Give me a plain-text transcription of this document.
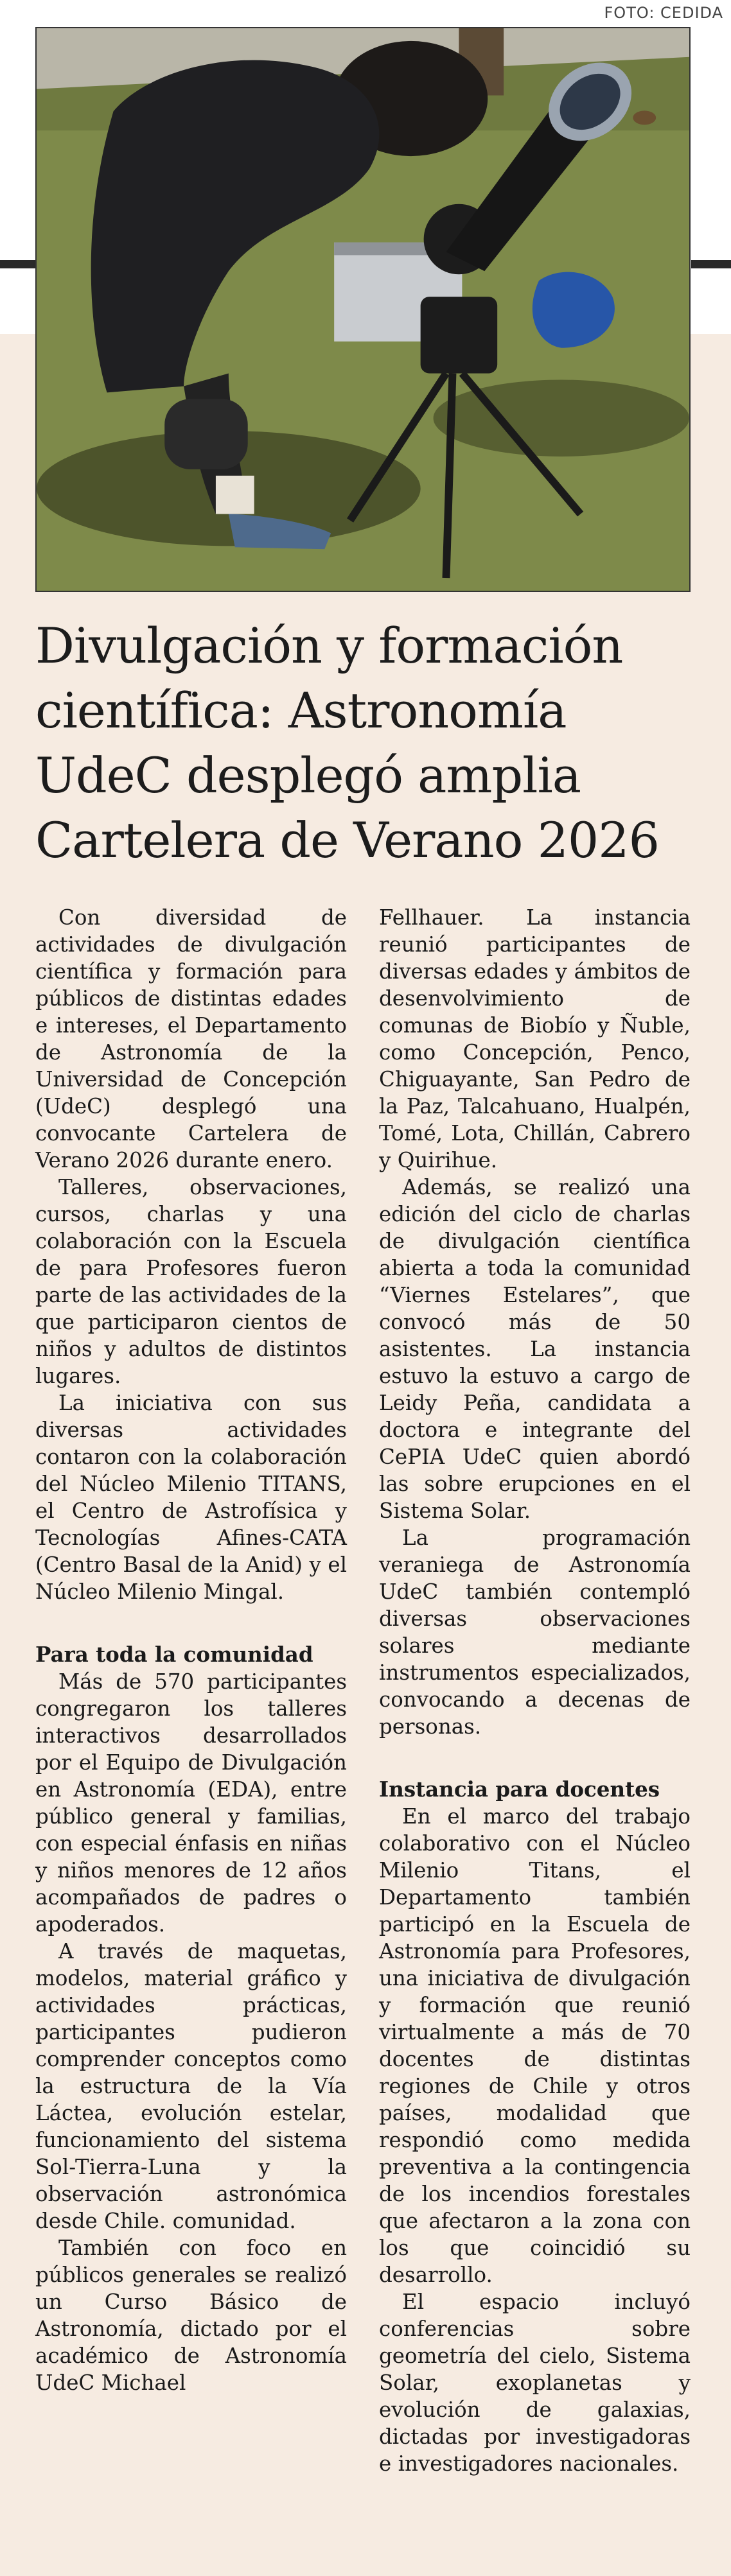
FOTO: CEDIDA
Divulgación y formación científica: Astronomía UdeC desplegó amplia Cartelera de Verano 2026

Con diversidad de actividades de divulgación científica y formación para públicos de distintas edades e intereses, el Departamento de Astronomía de la Universidad de Concepción (UdeC) desplegó una convocante Cartelera de Verano 2026 durante enero.

Talleres, observaciones, cursos, charlas y una colaboración con la Escuela de para Profesores fueron parte de las actividades de la que participaron cientos de niños y adultos de distintos lugares.

La iniciativa con sus diversas actividades contaron con la colaboración del Núcleo Milenio TITANS, el Centro de Astrofísica y Tecnologías Afines-CATA (Centro Basal de la Anid) y el Núcleo Milenio Mingal.

Para toda la comunidad

Más de 570 participantes congregaron los talleres interactivos desarrollados por el Equipo de Divulgación en Astronomía (EDA), entre público general y familias, con especial énfasis en niñas y niños menores de 12 años acompañados de padres o apoderados.

A través de maquetas, modelos, material gráfico y actividades prácticas, participantes pudieron comprender conceptos como la estructura de la Vía Láctea, evolución estelar, funcionamiento del sistema Sol-Tierra-Luna y la observación astronómica desde Chile. comunidad.

También con foco en públicos generales se realizó un Curso Básico de Astronomía, dictado por el académico de Astronomía UdeC Michael

Fellhauer. La instancia reunió participantes de diversas edades y ámbitos de desenvolvimiento de comunas de Biobío y Ñuble, como Concepción, Penco, Chiguayante, San Pedro de la Paz, Talcahuano, Hualpén, Tomé, Lota, Chillán, Cabrero y Quirihue.

Además, se realizó una edición del ciclo de charlas de divulgación científica abierta a toda la comunidad “Viernes Estelares”, que convocó más de 50 asistentes. La instancia estuvo la estuvo a cargo de Leidy Peña, candidata a doctora e integrante del CePIA UdeC quien abordó las sobre erupciones en el Sistema Solar.

La programación veraniega de Astronomía UdeC también contempló diversas observaciones solares mediante instrumentos especializados, convocando a decenas de personas.

Instancia para docentes

En el marco del trabajo colaborativo con el Núcleo Milenio Titans, el Departamento también participó en la Escuela de Astronomía para Profesores, una iniciativa de divulgación y formación que reunió virtualmente a más de 70 docentes de distintas regiones de Chile y otros países, modalidad que respondió como medida preventiva a la contingencia de los incendios forestales que afectaron a la zona con los que coincidió su desarrollo.

El espacio incluyó conferencias sobre geometría del cielo, Sistema Solar, exoplanetas y evolución de galaxias, dictadas por investigadoras e investigadores nacionales.
